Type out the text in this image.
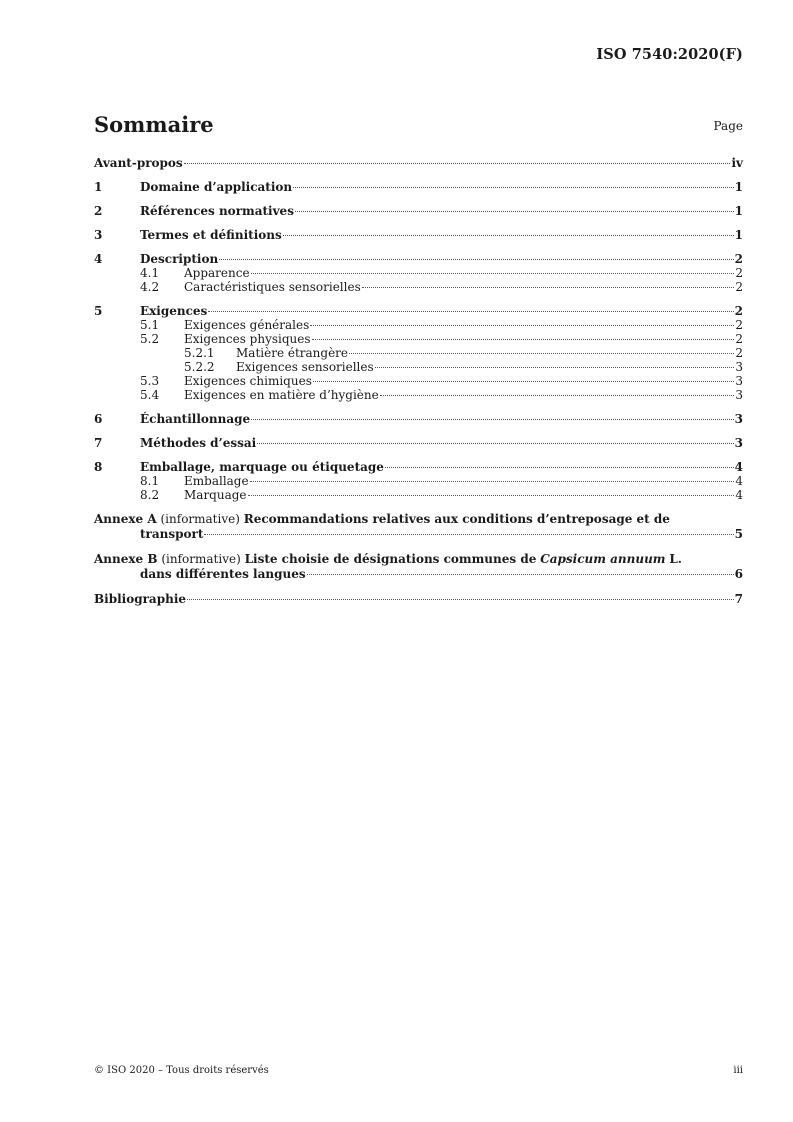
ISO 7540:2020(F)
Sommaire	Page
Avant-propos	iv
1	Domaine d’application	1
2	Références normatives	1
3	Termes et définitions	1
4	Description	2
4.1	Apparence	2
4.2	Caractéristiques sensorielles	2
5	Exigences	2
5.1	Exigences générales	2
5.2	Exigences physiques	2
5.2.1	Matière étrangère	2
5.2.2	Exigences sensorielles	3
5.3	Exigences chimiques	3
5.4	Exigences en matière d’hygiène	3
6	Échantillonnage	3
7	Méthodes d’essai	3
8	Emballage, marquage ou étiquetage	4
8.1	Emballage	4
8.2	Marquage	4
Annexe A (informative) Recommandations relatives aux conditions d’entreposage et de
transport	5
Annexe B (informative) Liste choisie de désignations communes de Capsicum annuum L.
dans différentes langues	6
Bibliographie	7
© ISO 2020 – Tous droits réservés	iii
